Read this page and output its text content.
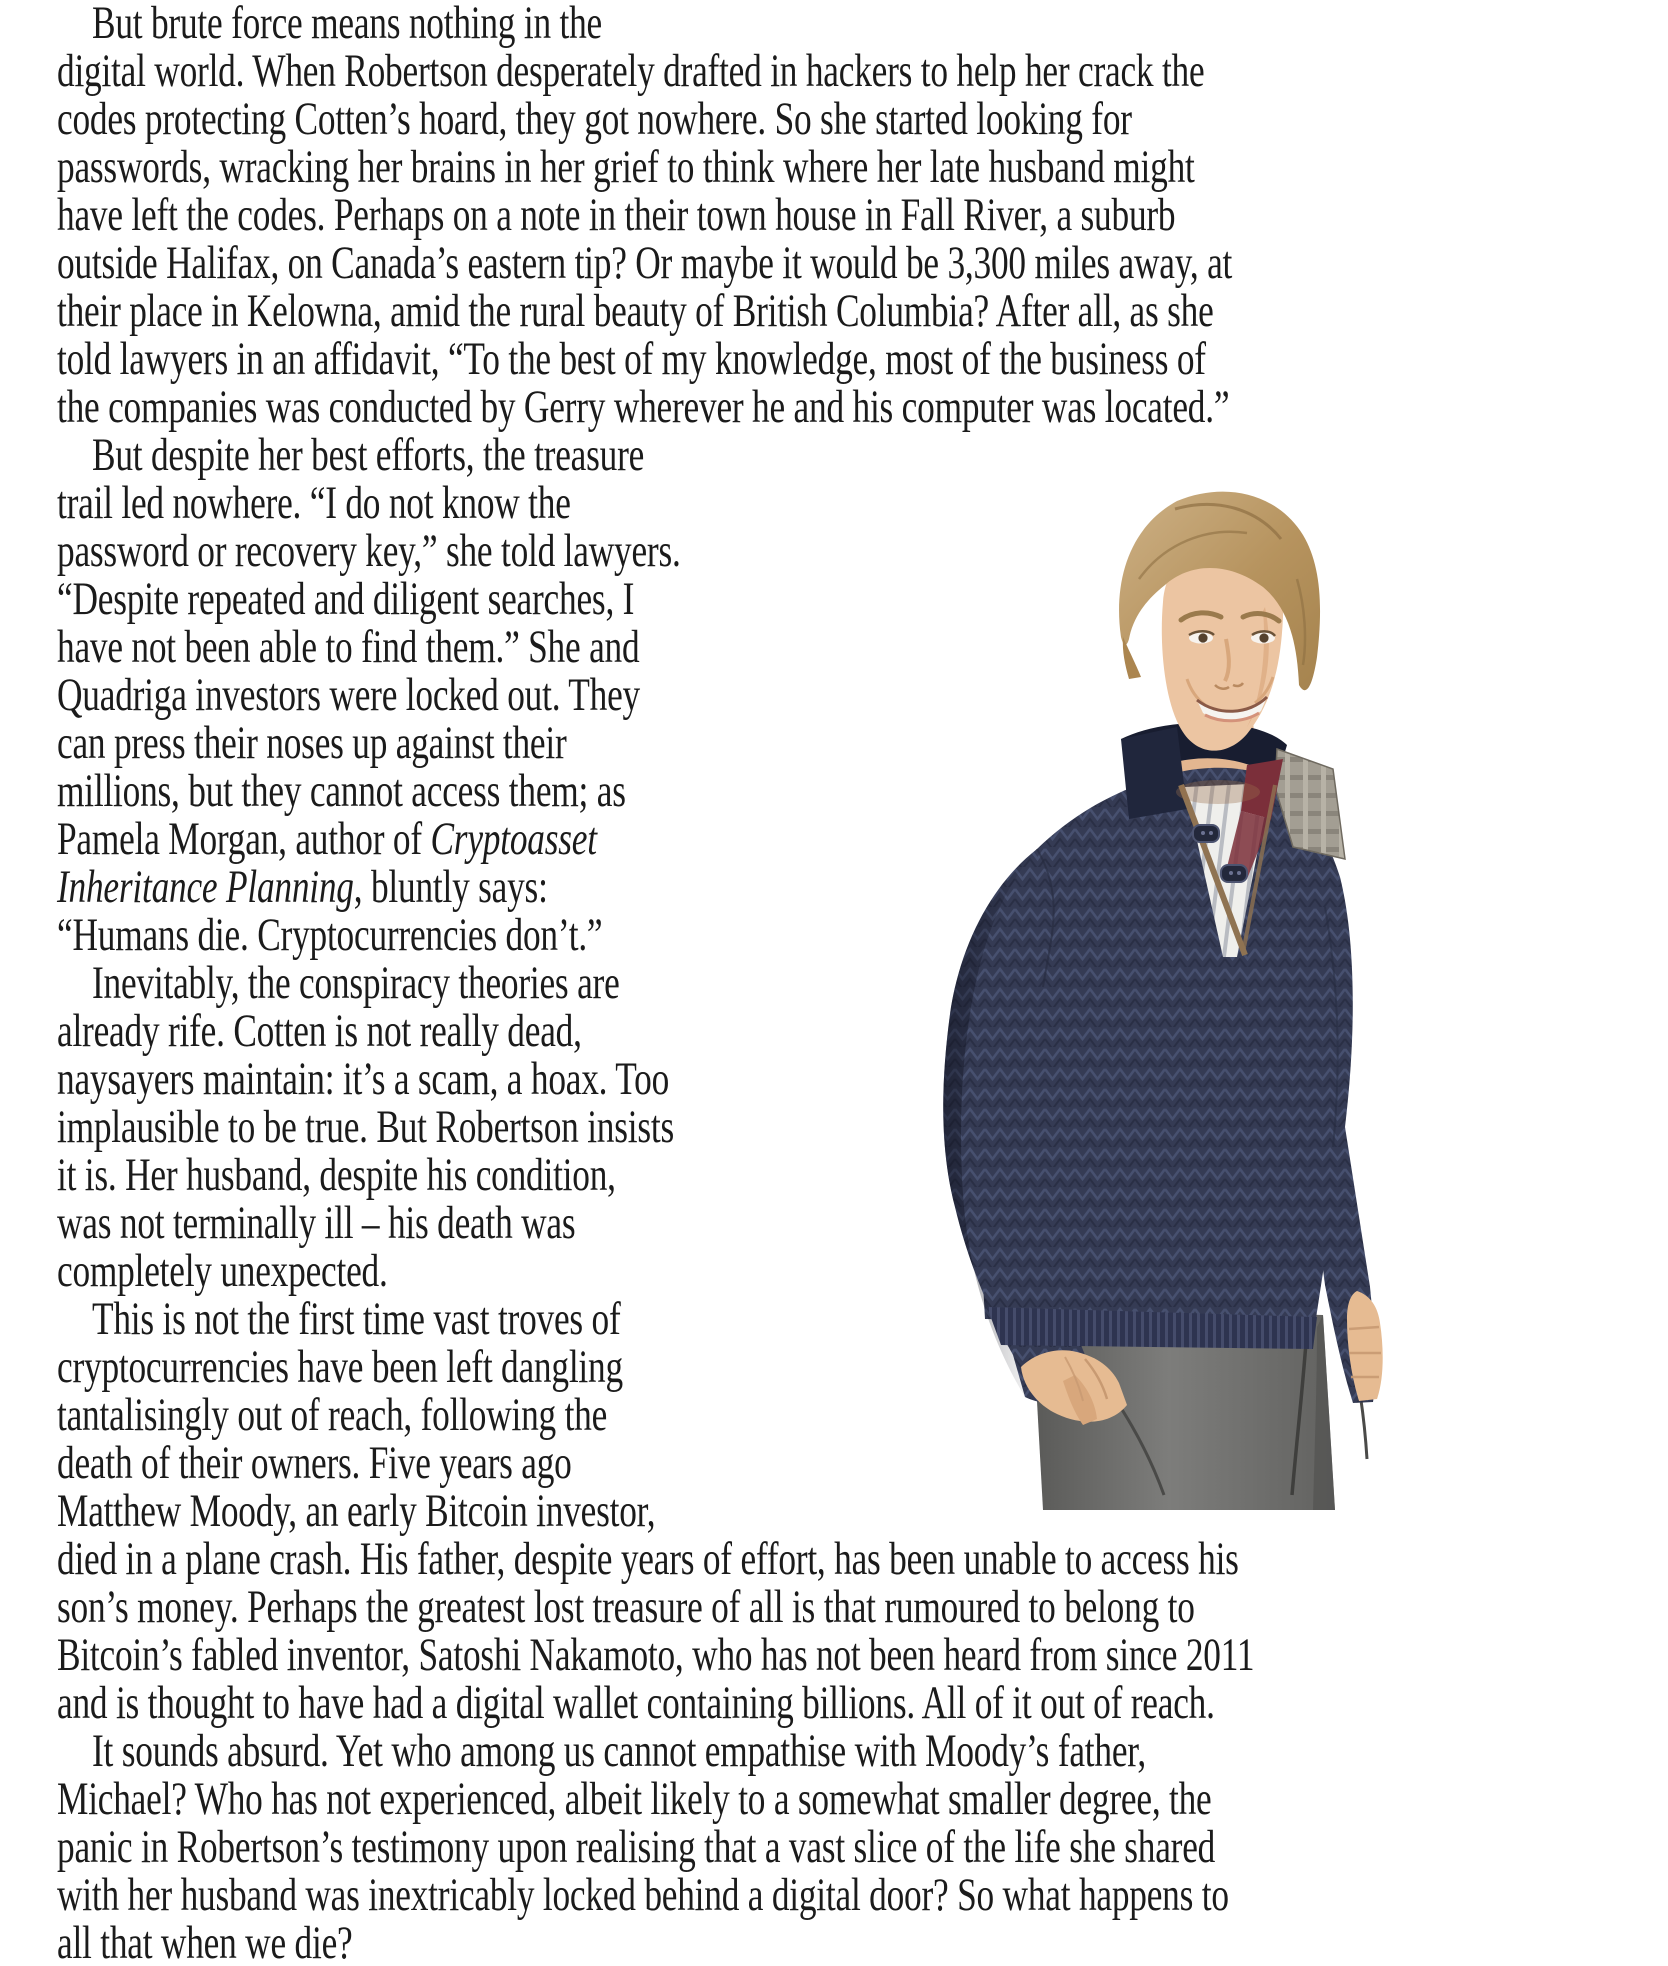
But brute force means nothing in the
digital world. When Robertson desperately drafted in hackers to help her crack the
codes protecting Cotten’s hoard, they got nowhere. So she started looking for
passwords, wracking her brains in her grief to think where her late husband might
have left the codes. Perhaps on a note in their town house in Fall River, a suburb
outside Halifax, on Canada’s eastern tip? Or maybe it would be 3,300 miles away, at
their place in Kelowna, amid the rural beauty of British Columbia? After all, as she
told lawyers in an affidavit, “To the best of my knowledge, most of the business of
the companies was conducted by Gerry wherever he and his computer was located.”
But despite her best efforts, the treasure
trail led nowhere. “I do not know the
password or recovery key,” she told lawyers.
“Despite repeated and diligent searches, I
have not been able to find them.” She and
Quadriga investors were locked out. They
can press their noses up against their
millions, but they cannot access them; as
Pamela Morgan, author of Cryptoasset
Inheritance Planning, bluntly says:
“Humans die. Cryptocurrencies don’t.”
Inevitably, the conspiracy theories are
already rife. Cotten is not really dead,
naysayers maintain: it’s a scam, a hoax. Too
implausible to be true. But Robertson insists
it is. Her husband, despite his condition,
was not terminally ill – his death was
completely unexpected.
This is not the first time vast troves of
cryptocurrencies have been left dangling
tantalisingly out of reach, following the
death of their owners. Five years ago
Matthew Moody, an early Bitcoin investor,
died in a plane crash. His father, despite years of effort, has been unable to access his
son’s money. Perhaps the greatest lost treasure of all is that rumoured to belong to
Bitcoin’s fabled inventor, Satoshi Nakamoto, who has not been heard from since 2011
and is thought to have had a digital wallet containing billions. All of it out of reach.
It sounds absurd. Yet who among us cannot empathise with Moody’s father,
Michael? Who has not experienced, albeit likely to a somewhat smaller degree, the
panic in Robertson’s testimony upon realising that a vast slice of the life she shared
with her husband was inextricably locked behind a digital door? So what happens to
all that when we die?
